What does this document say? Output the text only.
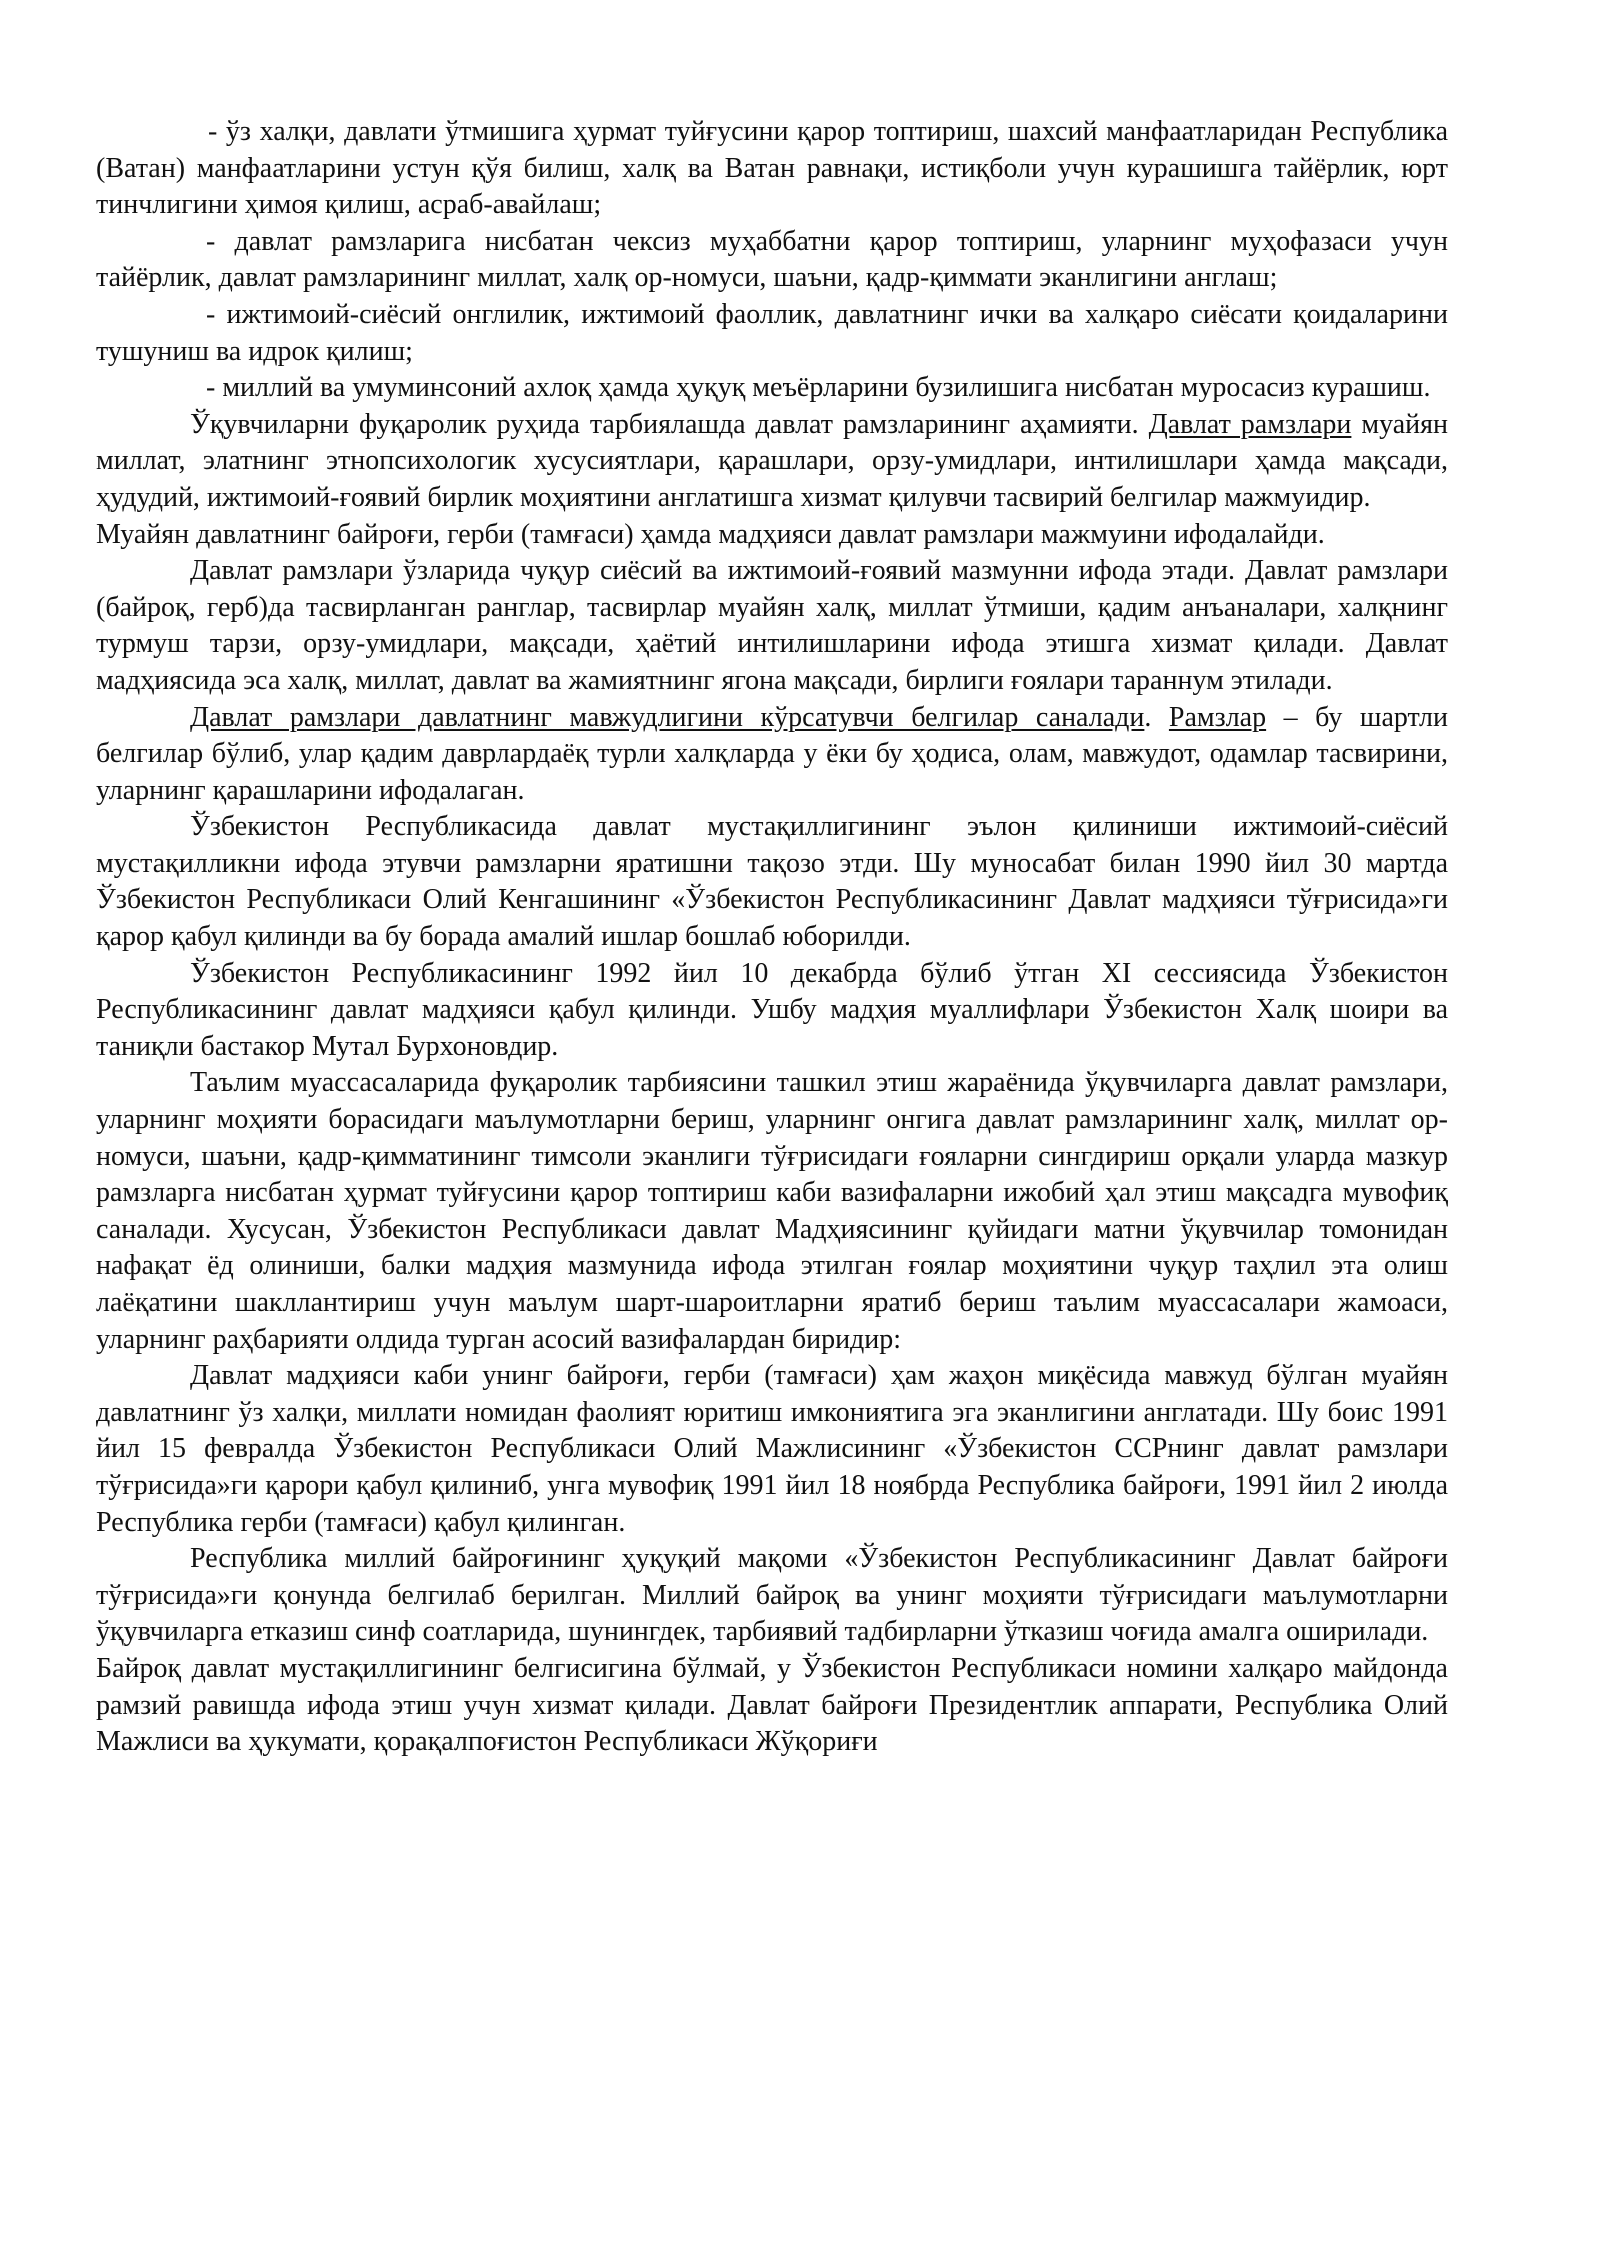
- ўз халқи, давлати ўтмишига ҳурмат туйғусини қарор топтириш, шахсий манфаатларидан Республика (Ватан) манфаатларини устун қўя билиш, халқ ва Ватан равнақи, истиқболи учун курашишга тайёрлик, юрт тинчлигини ҳимоя қилиш, асраб-авайлаш;

- давлат рамзларига нисбатан чексиз муҳаббатни қарор топтириш, уларнинг муҳофазаси учун тайёрлик, давлат рамзларининг миллат, халқ ор-номуси, шаъни, қадр-қиммати эканлигини англаш;

- ижтимоий-сиёсий онглилик, ижтимоий фаоллик, давлатнинг ички ва халқаро сиёсати қоидаларини тушуниш ва идрок қилиш;

- миллий ва умуминсоний ахлоқ ҳамда ҳуқуқ меъёрларини бузилишига нисбатан муросасиз курашиш.

Ўқувчиларни фуқаролик руҳида тарбиялашда давлат рамзларининг аҳамияти. Давлат рамзлари муайян миллат, элатнинг этнопсихологик хусусиятлари, қарашлари, орзу-умидлари, интилишлари ҳамда мақсади, ҳудудий, ижтимоий-ғоявий бирлик моҳиятини англатишга хизмат қилувчи тасвирий белгилар мажмуидир.

Муайян давлатнинг байроғи, герби (тамғаси) ҳамда мадҳияси давлат рамзлари мажмуини ифодалайди.

Давлат рамзлари ўзларида чуқур сиёсий ва ижтимоий-ғоявий мазмунни ифода этади. Давлат рамзлари (байроқ, герб)да тасвирланган ранглар, тасвирлар муайян халқ, миллат ўтмиши, қадим анъаналари, халқнинг турмуш тарзи, орзу-умидлари, мақсади, ҳаётий интилишларини ифода этишга хизмат қилади. Давлат мадҳиясида эса халқ, миллат, давлат ва жамиятнинг ягона мақсади, бирлиги ғоялари тараннум этилади.

Давлат рамзлари давлатнинг мавжудлигини кўрсатувчи белгилар саналади. Рамзлар – бу шартли белгилар бўлиб, улар қадим даврлардаёқ турли халқларда у ёки бу ҳодиса, олам, мавжудот, одамлар тасвирини, уларнинг қарашларини ифодалаган.

Ўзбекистон Республикасида давлат мустақиллигининг эълон қилиниши ижтимоий-сиёсий мустақилликни ифода этувчи рамзларни яратишни тақозо этди. Шу муносабат билан 1990 йил 30 мартда Ўзбекистон Республикаси Олий Кенгашининг «Ўзбекистон Республикасининг Давлат мадҳияси тўғрисида»ги қарор қабул қилинди ва бу борада амалий ишлар бошлаб юборилди.

Ўзбекистон Республикасининг 1992 йил 10 декабрда бўлиб ўтган XI сессиясида Ўзбекистон Республикасининг давлат мадҳияси қабул қилинди. Ушбу мадҳия муаллифлари Ўзбекистон Халқ шоири ва таниқли бастакор Мутал Бурхоновдир.

Таълим муассасаларида фуқаролик тарбиясини ташкил этиш жараёнида ўқувчиларга давлат рамзлари, уларнинг моҳияти борасидаги маълумотларни бериш, уларнинг онгига давлат рамзларининг халқ, миллат ор-номуси, шаъни, қадр-қимматининг тимсоли эканлиги тўғрисидаги ғояларни сингдириш орқали уларда мазкур рамзларга нисбатан ҳурмат туйғусини қарор топтириш каби вазифаларни ижобий ҳал этиш мақсадга мувофиқ саналади. Хусусан, Ўзбекистон Республикаси давлат Мадҳиясининг қуйидаги матни ўқувчилар томонидан нафақат ёд олиниши, балки мадҳия мазмунида ифода этилган ғоялар моҳиятини чуқур таҳлил эта олиш лаёқатини шакллантириш учун маълум шарт-шароитларни яратиб бериш таълим муассасалари жамоаси, уларнинг раҳбарияти олдида турган асосий вазифалардан биридир:

Давлат мадҳияси каби унинг байроғи, герби (тамғаси) ҳам жаҳон миқёсида мавжуд бўлган муайян давлатнинг ўз халқи, миллати номидан фаолият юритиш имкониятига эга эканлигини англатади. Шу боис 1991 йил 15 февралда Ўзбекистон Республикаси Олий Мажлисининг «Ўзбекистон ССРнинг давлат рамзлари тўғрисида»ги қарори қабул қилиниб, унга мувофиқ 1991 йил 18 ноябрда Республика байроғи, 1991 йил 2 июлда Республика герби (тамғаси) қабул қилинган.

Республика миллий байроғининг ҳуқуқий мақоми «Ўзбекистон Республикасининг Давлат байроғи тўғрисида»ги қонунда белгилаб берилган. Миллий байроқ ва унинг моҳияти тўғрисидаги маълумотларни ўқувчиларга етказиш синф соатларида, шунингдек, тарбиявий тадбирларни ўтказиш чоғида амалга оширилади.

Байроқ давлат мустақиллигининг белгисигина бўлмай, у Ўзбекистон Республикаси номини халқаро майдонда рамзий равишда ифода этиш учун хизмат қилади. Давлат байроғи Президентлик аппарати, Республика Олий Мажлиси ва ҳукумати, қорақалпоғистон Республикаси Жўқориғи
